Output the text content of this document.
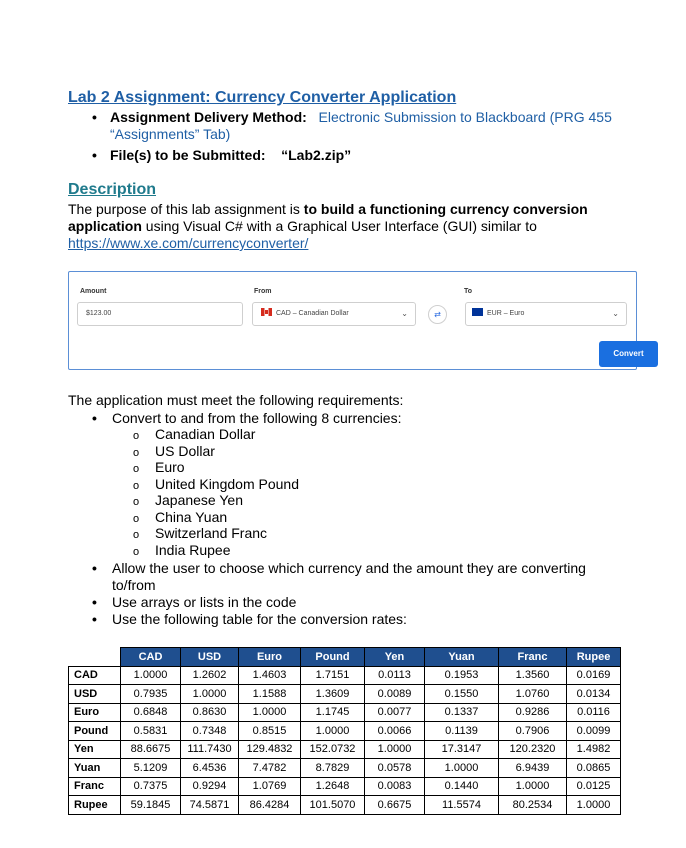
Lab 2 Assignment: Currency Converter Application
• Assignment Delivery Method: Electronic Submission to Blackboard (PRG 455
“Assignments” Tab)
• File(s) to be Submitted: “Lab2.zip”
Description
The purpose of this lab assignment is to build a functioning currency conversion
application using Visual C# with a Graphical User Interface (GUI) similar to
https://www.xe.com/currencyconverter/
Amount	From	To
$123.00	CAD – Canadian Dollar	⌄	⇄	EUR – Euro	⌄
Convert
The application must meet the following requirements:
• Convert to and from the following 8 currencies:
o Canadian Dollar
o US Dollar
o Euro
o United Kingdom Pound
o Japanese Yen
o China Yuan
o Switzerland Franc
o India Rupee
• Allow the user to choose which currency and the amount they are converting
to/from
• Use arrays or lists in the code
• Use the following table for the conversion rates:
	CAD	USD	Euro	Pound	Yen	Yuan	Franc	Rupee
CAD	1.0000	1.2602	1.4603	1.7151	0.0113	0.1953	1.3560	0.0169
USD	0.7935	1.0000	1.1588	1.3609	0.0089	0.1550	1.0760	0.0134
Euro	0.6848	0.8630	1.0000	1.1745	0.0077	0.1337	0.9286	0.0116
Pound	0.5831	0.7348	0.8515	1.0000	0.0066	0.1139	0.7906	0.0099
Yen	88.6675	111.7430	129.4832	152.0732	1.0000	17.3147	120.2320	1.4982
Yuan	5.1209	6.4536	7.4782	8.7829	0.0578	1.0000	6.9439	0.0865
Franc	0.7375	0.9294	1.0769	1.2648	0.0083	0.1440	1.0000	0.0125
Rupee	59.1845	74.5871	86.4284	101.5070	0.6675	11.5574	80.2534	1.0000
